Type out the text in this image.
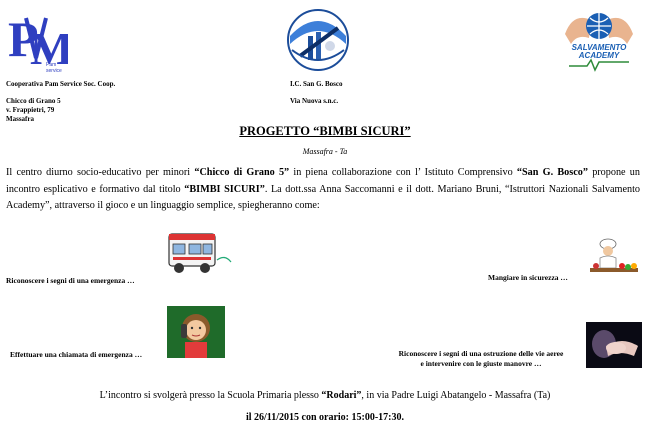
P
M
Pam service
SALVAMENTO ACADEMY
Cooperativa Pam Service Soc. Coop.
Chicco di Grano 5
v. Frappietri, 79
Massafra
I.C. San G. Bosco
Via Nuova s.n.c.
PROGETTO “BIMBI SICURI”
Massafra - Ta
Il centro diurno socio-educativo per minori “Chicco di Grano 5” in piena collaborazione con l’ Istituto Comprensivo “San G. Bosco” propone un incontro esplicativo e formativo dal titolo “BIMBI SICURI”. La dott.ssa Anna Saccomanni e il dott. Mariano Bruni, “Istruttori Nazionali Salvamento Academy”, attraverso il gioco e un linguaggio semplice, spiegheranno come:
Riconoscere i segni di una emergenza …	Mangiare in sicurezza …
Effettuare una chiamata di emergenza …	Riconoscere i segni di una ostruzione delle vie aeree
e intervenire con le giuste manovre …
L’incontro si svolgerà presso la Scuola Primaria plesso “Rodari”, in via Padre Luigi Abatangelo - Massafra (Ta)
il 26/11/2015 con orario: 15:00-17:30.
